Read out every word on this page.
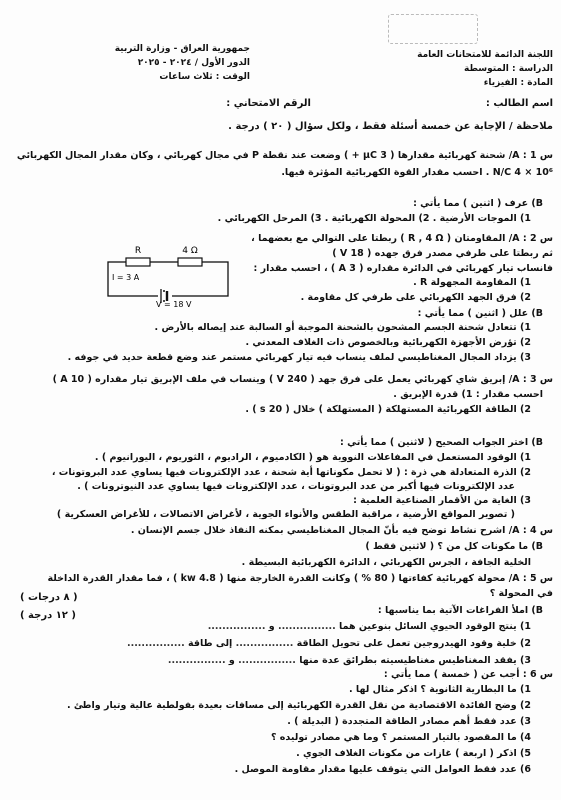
اللجنة الدائمة للامتحانات العامة
الدراسة : المتوسطة
المادة : الفيزياء
جمهورية العراق - وزارة التربية
الدور الأول / ٢٠٢٤ - ٢٠٢٥
الوقت : ثلاث ساعات
اسم الطالب :
الرقم الامتحاني :
ملاحظة / الإجابة عن خمسة أسئلة فقط ، ولكل سؤال ( ٢٠ ) درجة .
س 1 : A/ شحنة كهربائية مقدارها ( 3 μC + ) وضعت عند نقطة P في مجال كهربائي ، وكان مقدار المجال الكهربائي
N/C 4 × 10⁶ . احسب مقدار القوة الكهربائية المؤثرة فيها.
B) عرف ( اثنين ) مما يأتي :
1) الموجات الأرضية . 2) المحولة الكهربائية . 3) المرحل الكهربائي .
س 2 : A/ المقاومتان ( R , 4 Ω ) ربطتا على التوالي مع بعضهما ،
ثم ربطتا على طرفي مصدر فرق جهده ( V 18 )
فانساب تيار كهربائي في الدائرة مقداره ( A 3 ) ، احسب مقدار :
1) المقاومة المجهولة R .
2) فرق الجهد الكهربائي على طرفي كل مقاومة .
R	4 Ω
I = 3 A
V = 18 V
B) علل ( اثنين ) مما يأتي :
1) تتعادل شحنة الجسم المشحون بالشحنة الموجبة أو السالبة عند إيصاله بالأرض .
2) تؤرض الأجهزة الكهربائية وبالخصوص ذات الغلاف المعدني .
3) يزداد المجال المغناطيسي لملف ينساب فيه تيار كهربائي مستمر عند وضع قطعة حديد في جوفه .
س 3 : A/ إبريق شاي كهربائي يعمل على فرق جهد ( V 240 ) وينساب في ملف الإبريق تيار مقداره ( A 10 )
احسب مقدار : 1) قدرة الإبريق .
2) الطاقة الكهربائية المستهلكة ( المستهلكة ) خلال ( s 20 ) .
B) اختر الجواب الصحيح ( لاثنين ) مما يأتي :
1) الوقود المستعمل في المفاعلات النووية هو ( الكادميوم ، الراديوم ، الثوريوم ، اليورانيوم ) .
2) الذرة المتعادلة هي ذرة : ( لا تحمل مكوناتها أية شحنة ، عدد الإلكترونات فيها يساوي عدد البروتونات ،
عدد الإلكترونات فيها أكبر من عدد البروتونات ، عدد الإلكترونات فيها يساوي عدد النيوترونات ) .
3) الغاية من الأقمار الصناعية العلمية :
( تصوير المواقع الأرضية ، مراقبة الطقس والأنواء الجوية ، لأغراض الاتصالات ، للأغراض العسكرية )
س 4 : A/ اشرح نشاط توضح فيه بأنّ المجال المغناطيسي بمكنه النفاذ خلال جسم الإنسان .
B) ما مكونات كل من ؟ ( لاثنين فقط )
الخلية الجافة ، الجرس الكهربائي ، الدائرة الكهربائية البسيطة .
س 5 : A/ محولة كهربائية كفاءتها ( 80 % ) وكانت القدرة الخارجة منها ( 4.8 kw ) ، فما مقدار القدرة الداخلة
في المحولة ؟
( ٨ درجات )
( ١٢ درجة )	B) املأ الفراغات الآتية بما يناسبها :
1) ينتج الوقود الحيوي السائل بنوعين هما ................ و ................
2) خلية وقود الهيدروجين تعمل على تحويل الطاقة ................ إلى طاقة ................
3) يفقد المغناطيس مغناطيسيته بطرائق عدة منها ................ و ................
س 6 : أجب عن ( خمسة ) مما يأتي :
1) ما البطارية الثانوية ؟ اذكر مثال لها .
2) وضح الفائدة الاقتصادية من نقل القدرة الكهربائية إلى مسافات بعيدة بفولطية عالية وتيار واطئ .
3) عدد فقط أهم مصادر الطاقة المتجددة ( البديلة ) .
4) ما المقصود بالتيار المستمر ؟ وما هي مصادر توليده ؟
5) اذكر ( اربعة ) غازات من مكونات الغلاف الجوي .
6) عدد فقط العوامل التي يتوقف عليها مقدار مقاومة الموصل .
